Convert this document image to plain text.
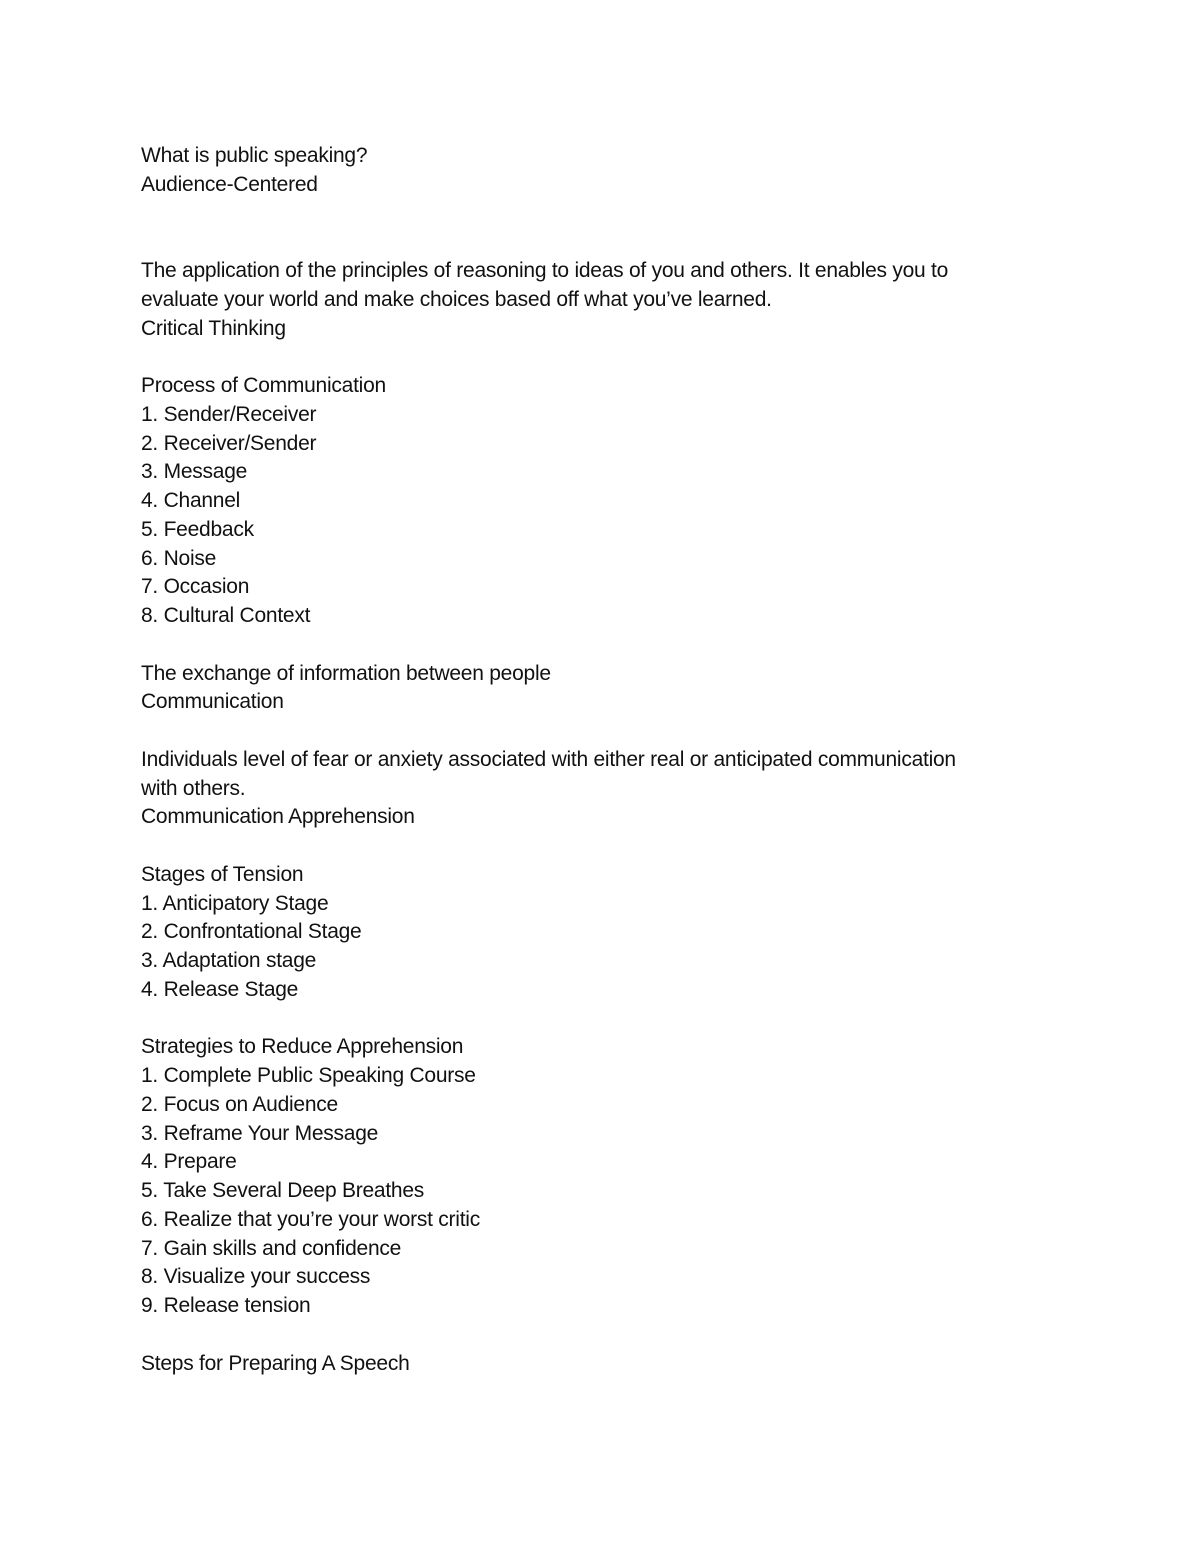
What is public speaking?
Audience-Centered
The application of the principles of reasoning to ideas of you and others. It enables you to
evaluate your world and make choices based off what you’ve learned.
Critical Thinking
Process of Communication
1. Sender/Receiver
2. Receiver/Sender
3. Message
4. Channel
5. Feedback
6. Noise
7. Occasion
8. Cultural Context
The exchange of information between people
Communication
Individuals level of fear or anxiety associated with either real or anticipated communication
with others.
Communication Apprehension
Stages of Tension
1. Anticipatory Stage
2. Confrontational Stage
3. Adaptation stage
4. Release Stage
Strategies to Reduce Apprehension
1. Complete Public Speaking Course
2. Focus on Audience
3. Reframe Your Message
4. Prepare
5. Take Several Deep Breathes
6. Realize that you’re your worst critic
7. Gain skills and confidence
8. Visualize your success
9. Release tension
Steps for Preparing A Speech
